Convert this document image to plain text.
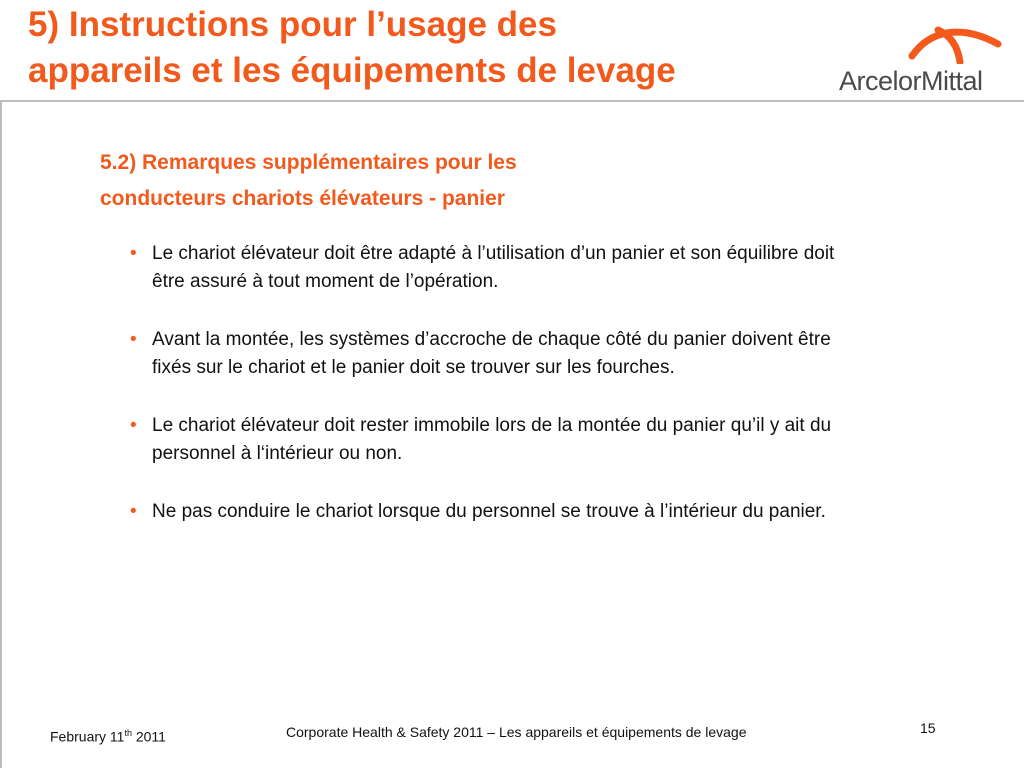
5) Instructions pour l’usage des
appareils et les équipements de levage	ArcelorMittal
5.2) Remarques supplémentaires pour les
conducteurs chariots élévateurs - panier
• Le chariot élévateur doit être adapté à l’utilisation d’un panier et son équilibre doit être assuré à tout moment de l’opération.
• Avant la montée, les systèmes d’accroche de chaque côté du panier doivent être fixés sur le chariot et le panier doit se trouver sur les fourches.
• Le chariot élévateur doit rester immobile lors de la montée du panier qu’il y ait du personnel à l‘intérieur ou non.
• Ne pas conduire le chariot lorsque du personnel se trouve à l’intérieur du panier.
February 11th 2011	Corporate Health & Safety 2011 – Les appareils et équipements de levage	15
